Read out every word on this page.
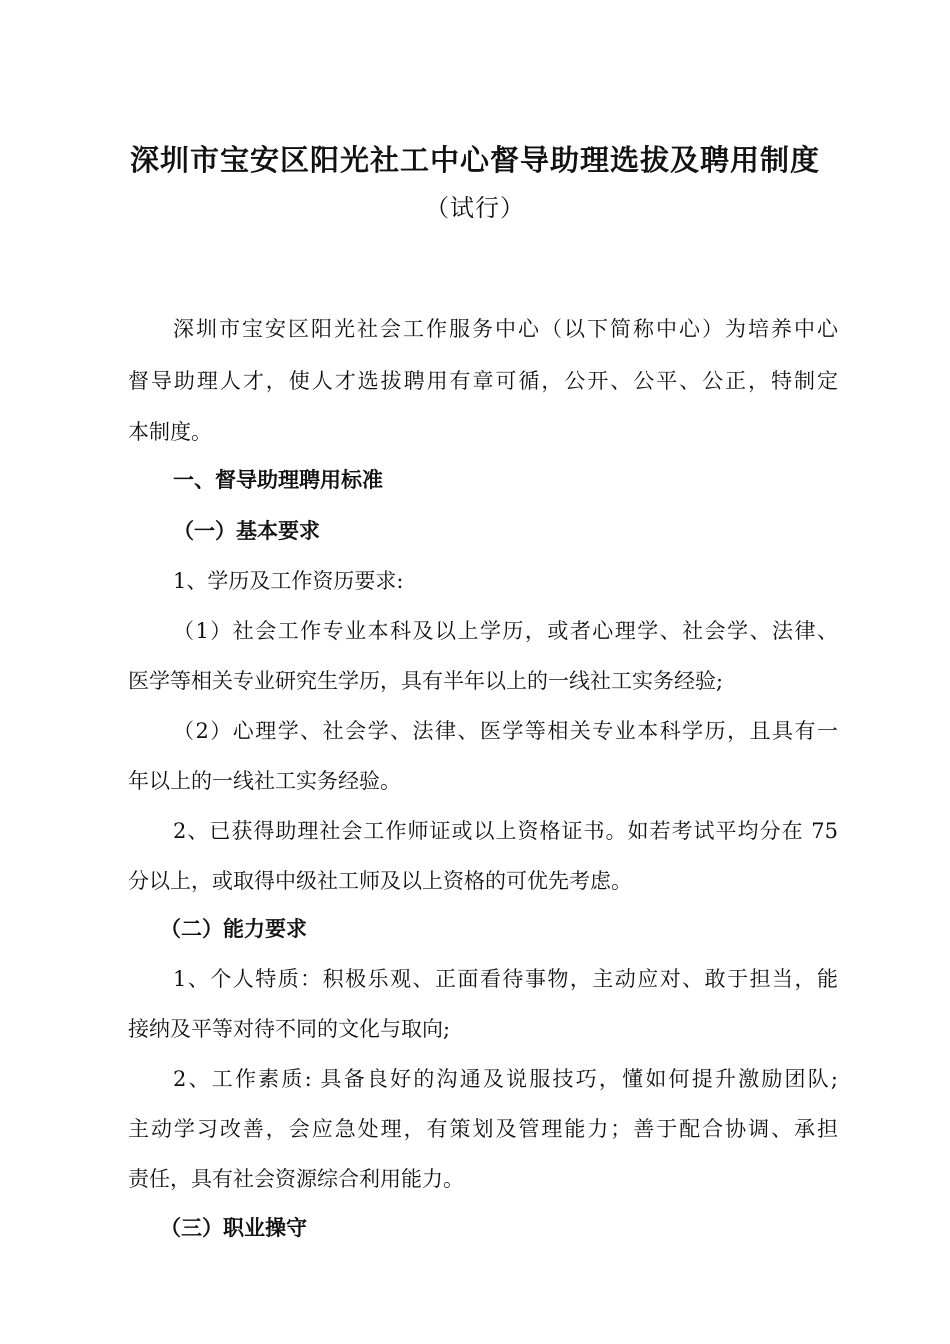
深圳市宝安区阳光社工中心督导助理选拔及聘用制度
（试行）
深圳市宝安区阳光社会工作服务中心（以下简称中心）为培养中心
督导助理人才，使人才选拔聘用有章可循，公开、公平、公正，特制定
本制度。
一、督导助理聘用标准
（一）基本要求
1、学历及工作资历要求:
（1）社会工作专业本科及以上学历，或者心理学、社会学、法律、
医学等相关专业研究生学历，具有半年以上的一线社工实务经验;
（2）心理学、社会学、法律、医学等相关专业本科学历，且具有一
年以上的一线社工实务经验。
2、已获得助理社会工作师证或以上资格证书。如若考试平均分在 75
分以上，或取得中级社工师及以上资格的可优先考虑。
（二）能力要求
1、个人特质：积极乐观、正面看待事物，主动应对、敢于担当，能
接纳及平等对待不同的文化与取向;
2、工作素质: 具备良好的沟通及说服技巧，懂如何提升激励团队;
主动学习改善，会应急处理，有策划及管理能力；善于配合协调、承担
责任，具有社会资源综合利用能力。
（三）职业操守
